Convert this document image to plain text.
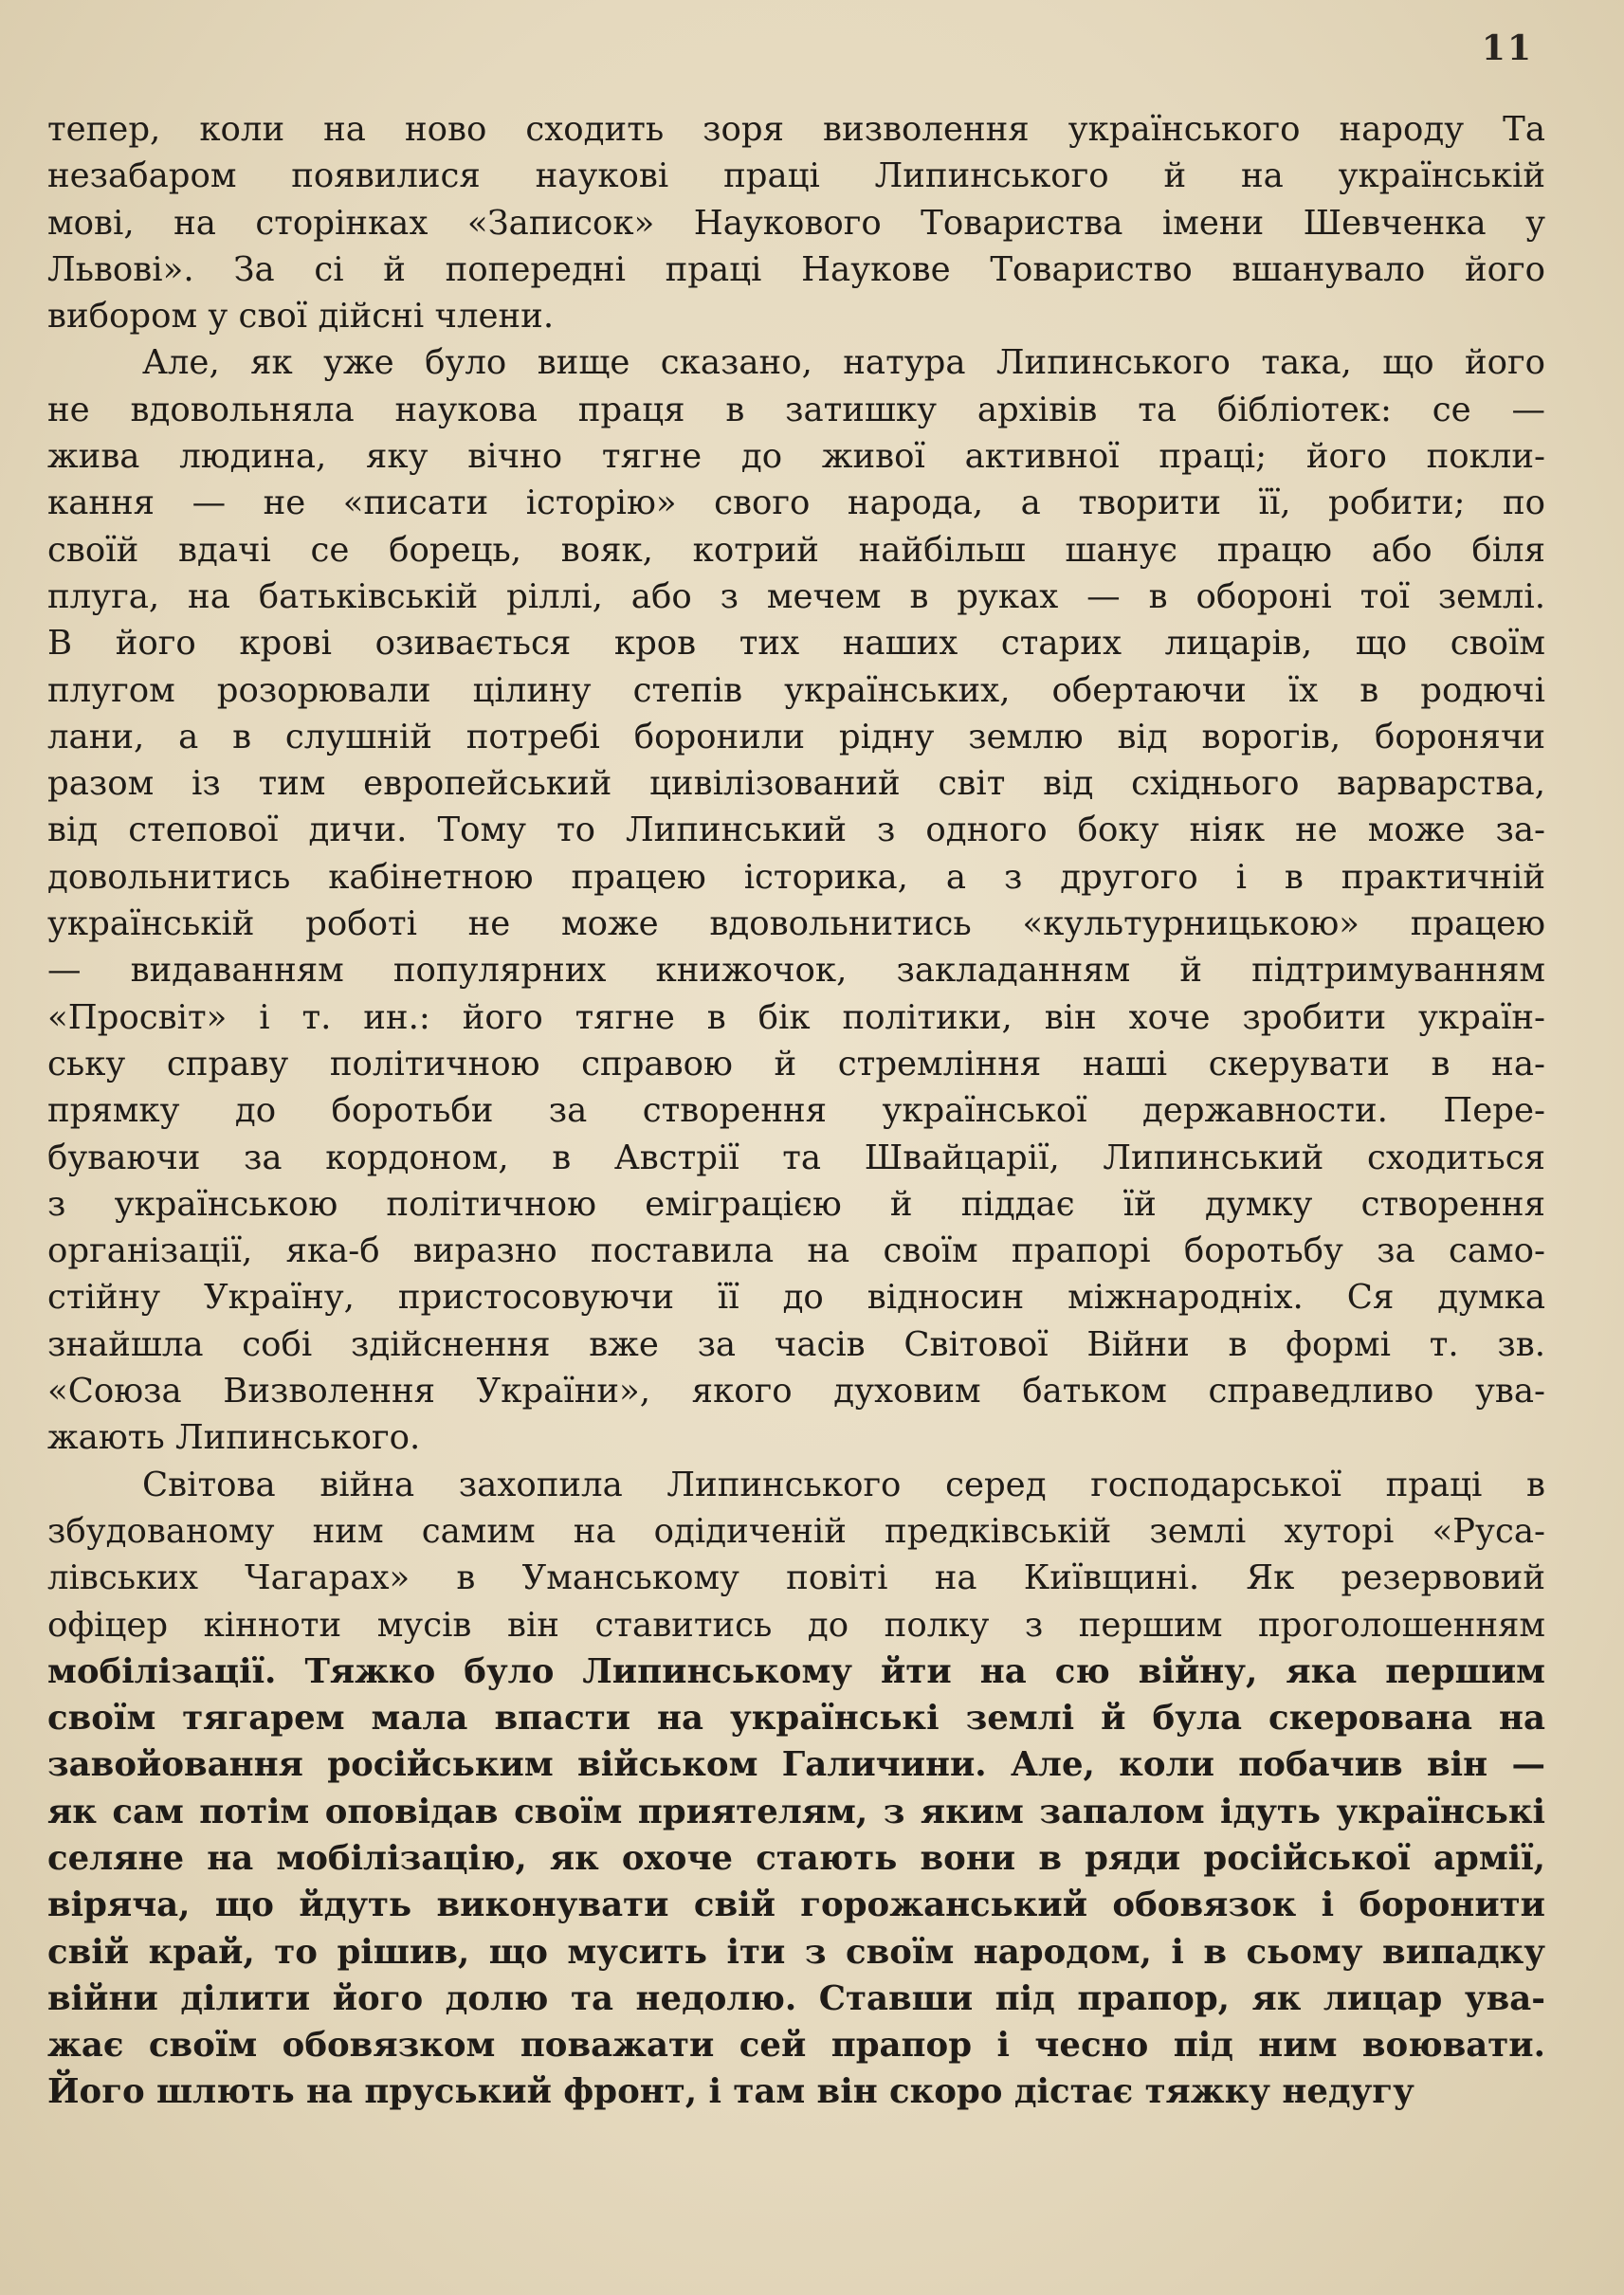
11
тепер, коли на ново сходить зоря визволення українського народу Та
незабаром появилися наукові праці Липинського й на українській
мові, на сторінках «Записок» Наукового Товариства імени Шевченка у
Львові». За сі й попередні праці Наукове Товариство вшанувало його
вибором у свої дійсні члени.
Але, як уже було вище сказано, натура Липинського така, що його
не вдовольняла наукова праця в затишку архівів та бібліотек: се —
жива людина, яку вічно тягне до живої активної праці; його покли-
кання — не «писати історію» свого народа, а творити її, робити; по
своїй вдачі се борець, вояк, котрий найбільш шанує працю або біля
плуга, на батьківській ріллі, або з мечем в руках — в обороні тої землі.
В його крові озивається кров тих наших старих лицарів, що своїм
плугом розорювали цілину степів українських, обертаючи їх в родючі
лани, а в слушній потребі боронили рідну землю від ворогів, боронячи
разом із тим европейський цивілізований світ від східнього варварства,
від степової дичи. Тому то Липинський з одного боку ніяк не може за-
довольнитись кабінетною працею історика, а з другого і в практичній
українській роботі не може вдовольнитись «культурницькою» працею
— видаванням популярних книжочок, закладанням й підтримуванням
«Просвіт» і т. ин.: його тягне в бік політики, він хоче зробити україн-
ську справу політичною справою й стремління наші скерувати в на-
прямку до боротьби за створення української державности. Пере-
буваючи за кордоном, в Австрії та Швайцарії, Липинський сходиться
з українською політичною еміграцією й піддає їй думку створення
організації, яка-б виразно поставила на своїм прапорі боротьбу за само-
стійну Україну, пристосовуючи її до відносин міжнародніх. Ся думка
знайшла собі здійснення вже за часів Світової Війни в формі т. зв.
«Союза Визволення України», якого духовим батьком справедливо ува-
жають Липинського.
Світова війна захопила Липинського серед господарської праці в
збудованому ним самим на одідиченій предківській землі хуторі «Руса-
лівських Чагарах» в Уманському повіті на Київщині. Як резервовий
офіцер кінноти мусів він ставитись до полку з першим проголошенням
мобілізації. Тяжко було Липинському йти на сю війну, яка першим
своїм тягарем мала впасти на українські землі й була скерована на
завойовання російським військом Галичини. Але, коли побачив він —
як сам потім оповідав своїм приятелям, з яким запалом ідуть українські
селяне на мобілізацію, як охоче стають вони в ряди російської армії,
віряча, що йдуть виконувати свій горожанський обовязок і боронити
свій край, то рішив, що мусить іти з своїм народом, і в сьому випадку
війни ділити його долю та недолю. Ставши під прапор, як лицар ува-
жає своїм обовязком поважати сей прапор і чесно під ним воювати.
Його шлють на пруський фронт, і там він скоро дістає тяжку недугу
